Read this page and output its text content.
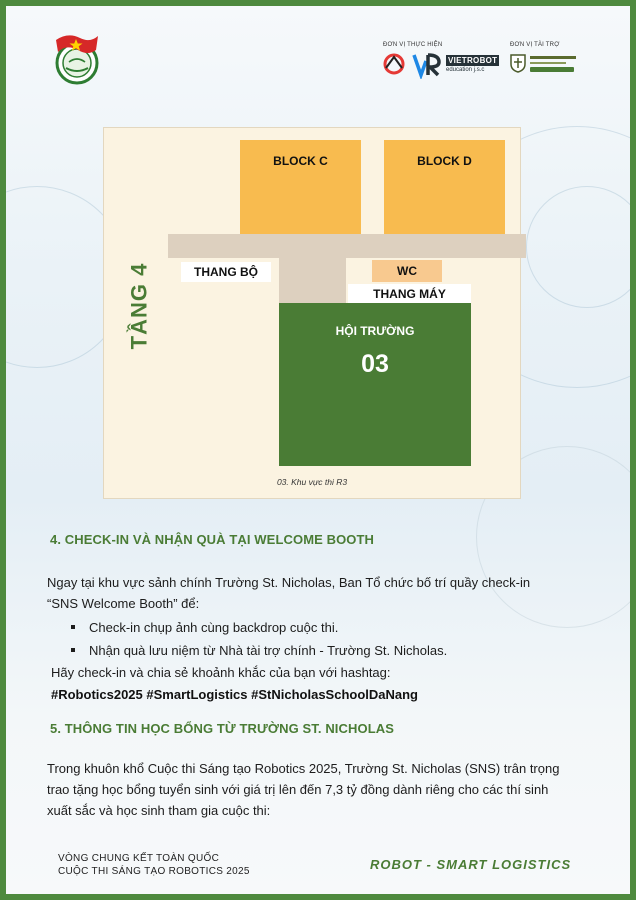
ĐƠN VỊ THỰC HIỆN	ĐƠN VỊ TÀI TRỢ
VIETROBOT
education j.s.c
BLOCK C	BLOCK D
THANG BỘ	WC
THANG MÁY
HỘI TRƯỜNG
03
TẦNG 4
03. Khu vực thi R3
4. CHECK-IN VÀ NHẬN QUÀ TẠI WELCOME BOOTH
Ngay tại khu vực sảnh chính Trường St. Nicholas, Ban Tổ chức bố trí quầy check-in
“SNS Welcome Booth” để:
Check-in chụp ảnh cùng backdrop cuộc thi.
Nhận quà lưu niệm từ Nhà tài trợ chính - Trường St. Nicholas.
Hãy check-in và chia sẻ khoảnh khắc của bạn với hashtag:
#Robotics2025 #SmartLogistics #StNicholasSchoolDaNang
5. THÔNG TIN HỌC BỔNG TỪ TRƯỜNG ST. NICHOLAS
Trong khuôn khổ Cuộc thi Sáng tạo Robotics 2025, Trường St. Nicholas (SNS) trân trọng
trao tặng học bổng tuyển sinh với giá trị lên đến 7,3 tỷ đồng dành riêng cho các thí sinh
xuất sắc và học sinh tham gia cuộc thi:
VÒNG CHUNG KẾT TOÀN QUỐC
CUỘC THI SÁNG TẠO ROBOTICS 2025	ROBOT - SMART LOGISTICS
